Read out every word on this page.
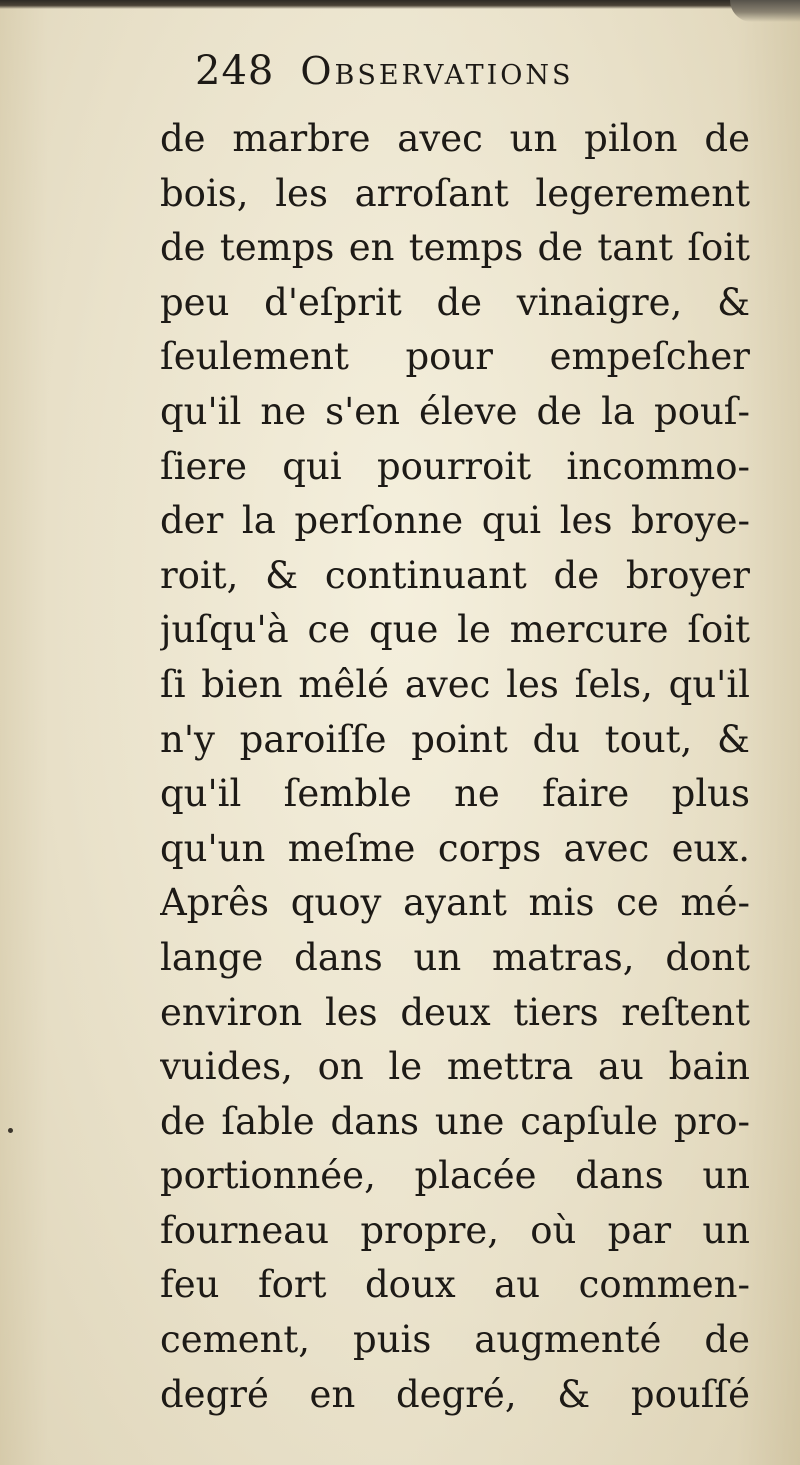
248 Observations
de marbre avec un pilon de
bois, les arroſant legerement
de temps en temps de tant ſoit
peu d'eſprit de vinaigre, &
ſeulement pour empeſcher
qu'il ne s'en éleve de la pouſ-
ſiere qui pourroit incommo-
der la perſonne qui les broye-
roit, & continuant de broyer
juſqu'à ce que le mercure ſoit
ſi bien mêlé avec les ſels, qu'il
n'y paroiſſe point du tout, &
qu'il ſemble ne faire plus
qu'un meſme corps avec eux.
Aprês quoy ayant mis ce mé-
lange dans un matras, dont
environ les deux tiers reſtent
vuides, on le mettra au bain
de ſable dans une capſule pro-
portionnée, placée dans un
fourneau propre, où par un
feu fort doux au commen-
cement, puis augmenté de
degré en degré, & pouſſé
